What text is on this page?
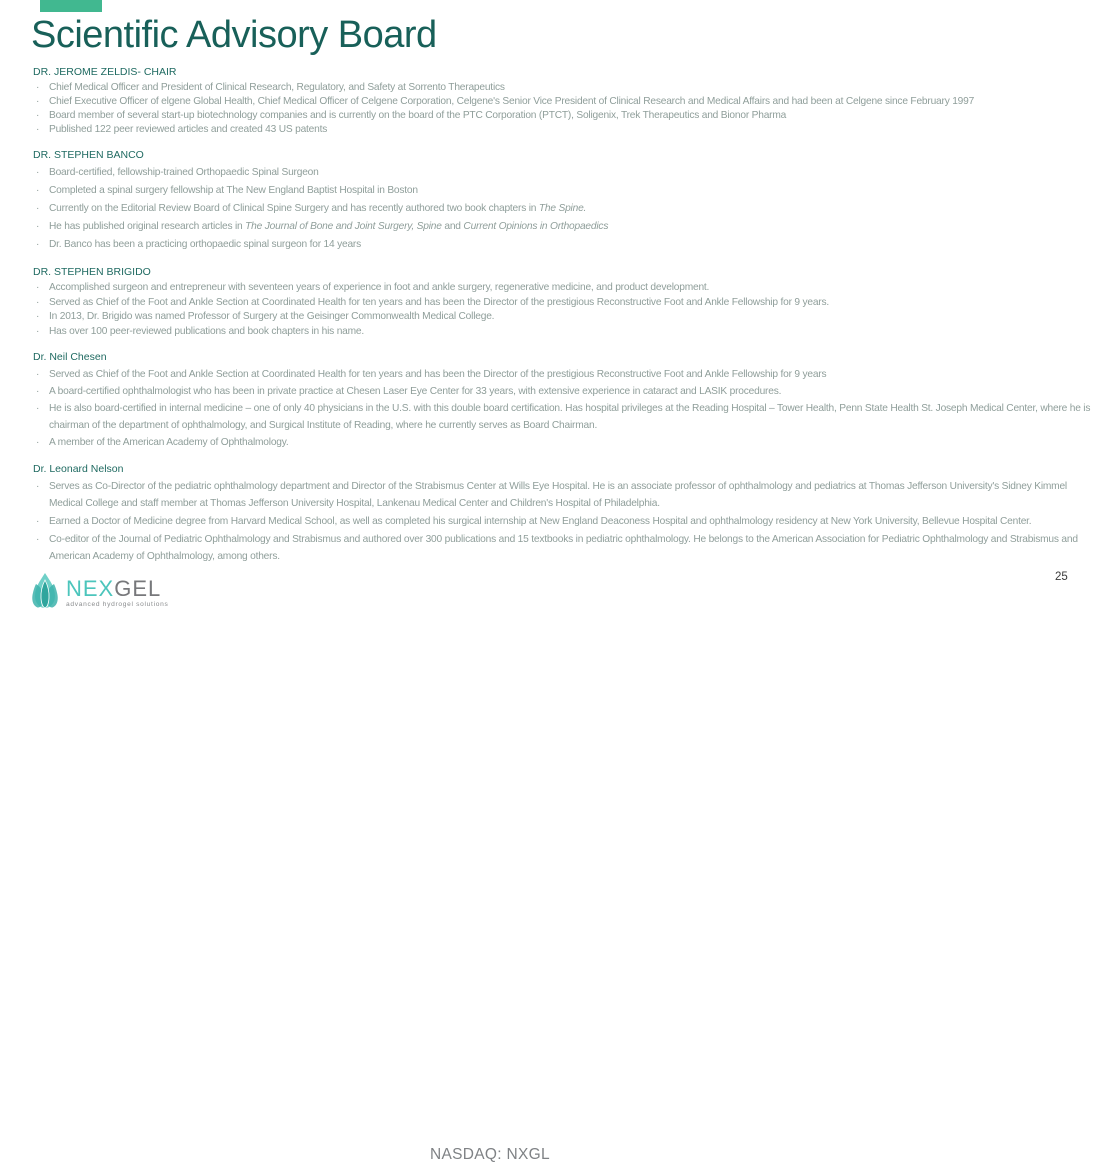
Scientific Advisory Board
DR. JEROME ZELDIS- CHAIR
· Chief Medical Officer and President of Clinical Research, Regulatory, and Safety at Sorrento Therapeutics
· Chief Executive Officer of elgene Global Health, Chief Medical Officer of Celgene Corporation, Celgene's Senior Vice President of Clinical Research and Medical Affairs and had been at Celgene since February 1997
· Board member of several start-up biotechnology companies and is currently on the board of the PTC Corporation (PTCT), Soligenix, Trek Therapeutics and Bionor Pharma
· Published 122 peer reviewed articles and created 43 US patents
DR. STEPHEN BANCO
· Board-certified, fellowship-trained Orthopaedic Spinal Surgeon
· Completed a spinal surgery fellowship at The New England Baptist Hospital in Boston
· Currently on the Editorial Review Board of Clinical Spine Surgery and has recently authored two book chapters in The Spine.
· He has published original research articles in The Journal of Bone and Joint Surgery, Spine and Current Opinions in Orthopaedics
· Dr. Banco has been a practicing orthopaedic spinal surgeon for 14 years
DR. STEPHEN BRIGIDO
· Accomplished surgeon and entrepreneur with seventeen years of experience in foot and ankle surgery, regenerative medicine, and product development.
· Served as Chief of the Foot and Ankle Section at Coordinated Health for ten years and has been the Director of the prestigious Reconstructive Foot and Ankle Fellowship for 9 years.
· In 2013, Dr. Brigido was named Professor of Surgery at the Geisinger Commonwealth Medical College.
· Has over 100 peer-reviewed publications and book chapters in his name.
Dr. Neil Chesen
· Served as Chief of the Foot and Ankle Section at Coordinated Health for ten years and has been the Director of the prestigious Reconstructive Foot and Ankle Fellowship for 9 years
· A board-certified ophthalmologist who has been in private practice at Chesen Laser Eye Center for 33 years, with extensive experience in cataract and LASIK procedures.
· He is also board-certified in internal medicine – one of only 40 physicians in the U.S. with this double board certification. Has hospital privileges at the Reading Hospital – Tower Health, Penn State Health St. Joseph Medical Center, where he is chairman of the department of ophthalmology, and Surgical Institute of Reading, where he currently serves as Board Chairman.
· A member of the American Academy of Ophthalmology.
Dr. Leonard Nelson
· Serves as Co-Director of the pediatric ophthalmology department and Director of the Strabismus Center at Wills Eye Hospital. He is an associate professor of ophthalmology and pediatrics at Thomas Jefferson University's Sidney Kimmel Medical College and staff member at Thomas Jefferson University Hospital, Lankenau Medical Center and Children's Hospital of Philadelphia.
· Earned a Doctor of Medicine degree from Harvard Medical School, as well as completed his surgical internship at New England Deaconess Hospital and ophthalmology residency at New York University, Bellevue Hospital Center.
· Co-editor of the Journal of Pediatric Ophthalmology and Strabismus and authored over 300 publications and 15 textbooks in pediatric ophthalmology. He belongs to the American Association for Pediatric Ophthalmology and Strabismus and American Academy of Ophthalmology, among others.
NEXGEL
advanced hydrogel solutions
NASDAQ: NXGL
25
